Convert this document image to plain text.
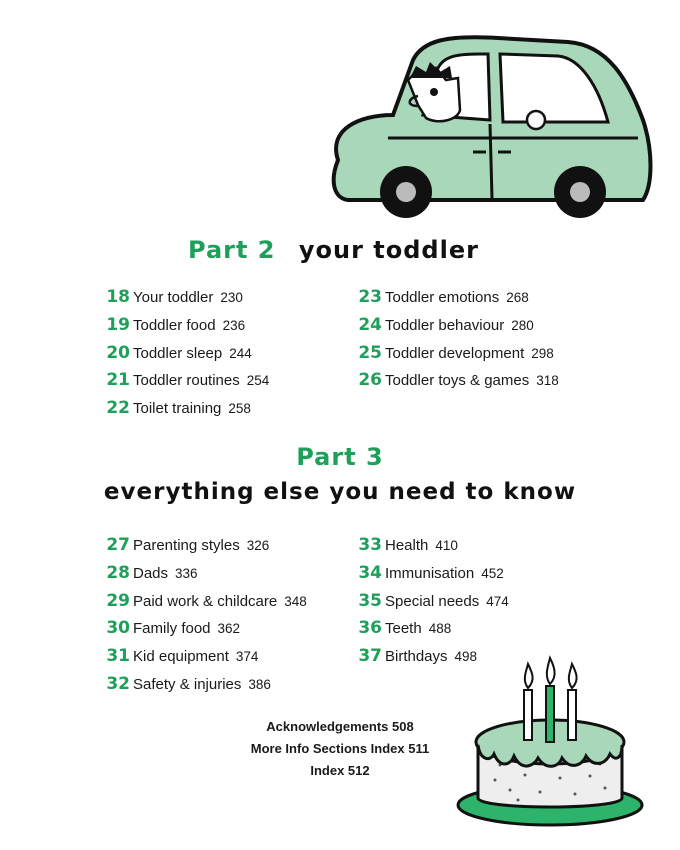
Part 2 your toddler
18 Your toddler 230
19 Toddler food 236
20 Toddler sleep 244
21 Toddler routines 254
22 Toilet training 258
23 Toddler emotions 268
24 Toddler behaviour 280
25 Toddler development 298
26 Toddler toys & games 318
Part 3
everything else you need to know
27 Parenting styles 326
28 Dads 336
29 Paid work & childcare 348
30 Family food 362
31 Kid equipment 374
32 Safety & injuries 386
33 Health 410
34 Immunisation 452
35 Special needs 474
36 Teeth 488
37 Birthdays 498
Acknowledgements 508
More Info Sections Index 511
Index 512
